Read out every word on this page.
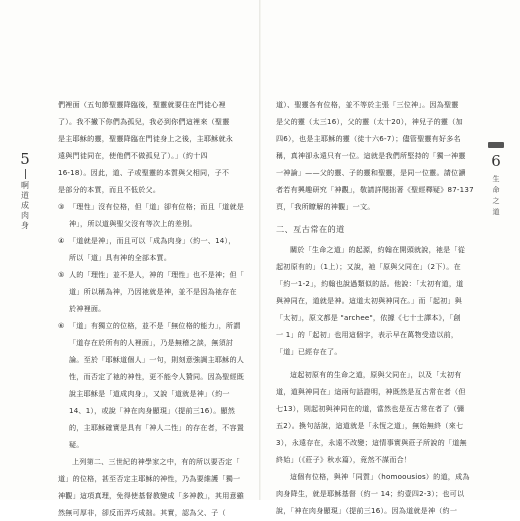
5
啊道成肉身

們裡面（五旬節聖靈降臨後，聖靈就要住在門徒心裡

了）。我不撇下你們為孤兒，我必到你們這裡來（聖靈

是主耶穌的靈，聖靈降臨在門徒身上之後，主耶穌就永

遠與門徒同在，使他們不做孤兒了）。」（約十四

16-18）。因此，道、子或聖靈的本質與父相同，子不

是部分的本質，而且不低於父。

③ 「理性」沒有位格，但「道」卻有位格；而且「道就是

神」，所以道與聖父沒有等次上的差別。

④ 「道就是神」，而且可以「成為肉身」（約一、14），

所以「道」具有神的全部本質。

⑤ 人的「理性」並不是人，神的「理性」也不是神；但「

道」所以稱為神，乃因祂就是神，並不是因為祂存在

於神裡面。

⑥ 「道」有獨立的位格，並不是「無位格的能力」，所謂

「道存在於所有的人裡面」，乃是無稽之談，無須討

論。至於「耶穌道個人」一句，則刻意強調主耶穌的人

性，而否定了祂的神性，更不能令人贊同。因為聖經既

說主耶穌是「道成肉身」，又說「道就是神」（約一

14、1），或說「神在肉身顯現」（提前三16）。顯然

的，主耶穌確實是具有「神人二性」的存在者，不容置

疑。

上列第二、三世紀的神學家之中，有的所以要否定「

道」的位格，甚至否定主耶穌的神性，乃為要維護「獨一

神觀」這項真理，免得使基督教變成「多神教」，其用意雖

然無可厚非，卻反而弄巧成拙。其實，認為父、子（

6
生命之道

道）、聖靈各有位格，並不等於主張「三位神」。因為聖靈

是父的靈（太三16），父的靈（太十20），神兒子的靈（加

四6），也是主耶穌的靈（徒十六6-7）；儘管聖靈有好多名

稱，真神卻永遠只有一位。這就是我們所堅持的「獨一神靈

一神論」——父的靈、子的靈和聖靈，是同一位靈。請位讀

者若有興趣研究「神觀」，敬請詳閱拙著《聖經釋疑》87-137

頁，「我所瞭解的神觀」一文。

二、亙古常在的道

關於「生命之道」的起源，約翰在開頭就說，祂是「從

起初原有的」（1上）；又說，祂「原與父同在」（2下）。在

「約一1-2」，約翰也說過類似的話。他說：「太初有道，道

與神同在，道就是神。這道太初與神同在。」而「起初」與

「太初」，原文都是 "archee"，依據《七十士譯本》，「創

一 1」的「起初」也用這個字，表示早在萬物受造以前，

「道」已經存在了。

這起初原有的生命之道，原與父同在」，以及「太初有

道，道與神同在」這兩句話證明，神既然是亙古常在者（但

七13），則起初與神同在的道，當然也是亙古常在者了（彌

五2）。換句話說，這道就是「永恆之道」，無始無終（來七

3），永遠存在，永遠不改變；這情事實與莊子所說的「道無

終始」（《莊子》秋水篇），竟然不謀而合！

這個有位格，與神「同質」（homoousios）的道，成為

肉身降生，就是耶穌基督（約一 14；約壹四2-3）；也可以

說，「神在肉身顯現」（提前三16）。因為道就是神（約一
